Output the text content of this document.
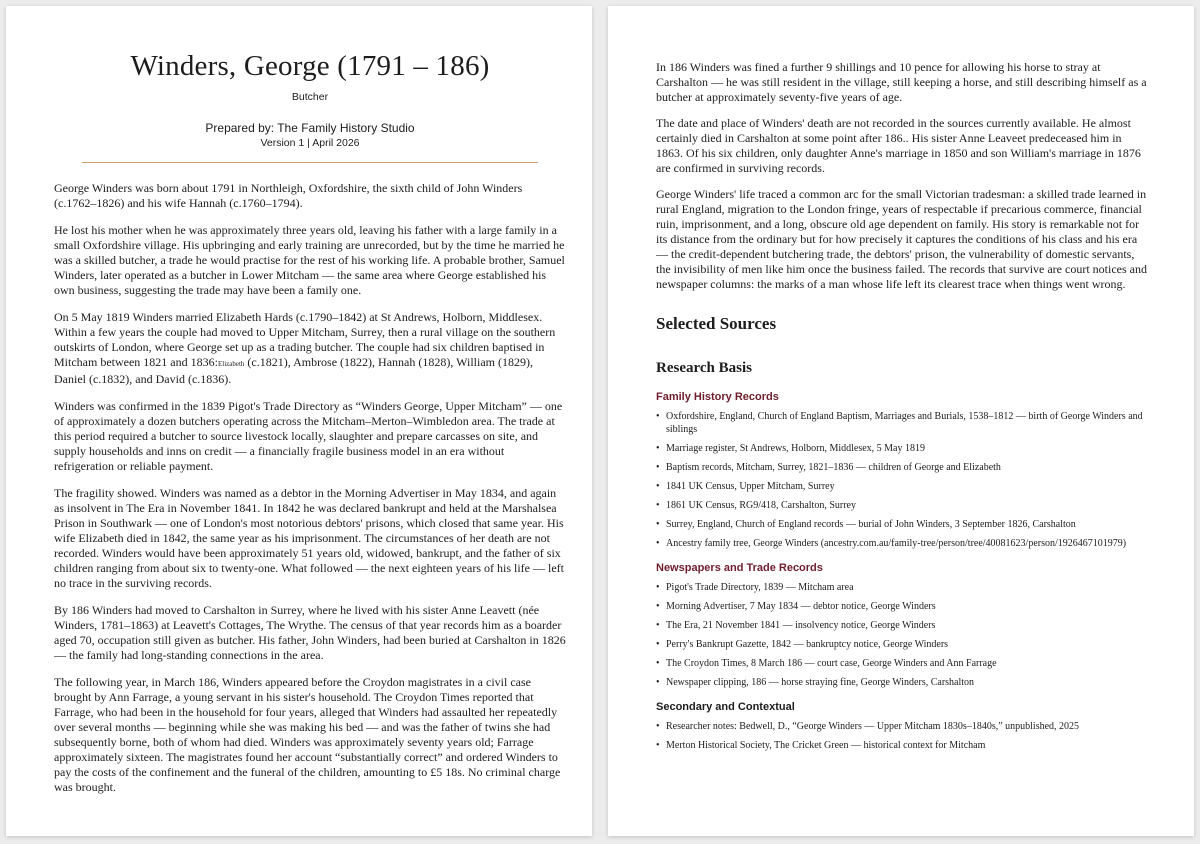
Winders, George (1791 – 186)
Butcher
Prepared by: The Family History Studio
Version 1 | April 2026

George Winders was born about 1791 in Northleigh, Oxfordshire, the sixth child of John Winders (c.1762–1826) and his wife Hannah (c.1760–1794).

He lost his mother when he was approximately three years old, leaving his father with a large family in a small Oxfordshire village. His upbringing and early training are unrecorded, but by the time he married he was a skilled butcher, a trade he would practise for the rest of his working life. A probable brother, Samuel Winders, later operated as a butcher in Lower Mitcham — the same area where George established his own business, suggesting the trade may have been a family one.

On 5 May 1819 Winders married Elizabeth Hards (c.1790–1842) at St Andrews, Holborn, Middlesex. Within a few years the couple had moved to Upper Mitcham, Surrey, then a rural village on the southern outskirts of London, where George set up as a trading butcher. The couple had six children baptised in Mitcham between 1821 and 1836:Elizabeth (c.1821), Ambrose (1822), Hannah (1828), William (1829), Daniel (c.1832), and David (c.1836).

Winders was confirmed in the 1839 Pigot's Trade Directory as “Winders George, Upper Mitcham” — one of approximately a dozen butchers operating across the Mitcham–Merton–Wimbledon area. The trade at this period required a butcher to source livestock locally, slaughter and prepare carcasses on site, and supply households and inns on credit — a financially fragile business model in an era without refrigeration or reliable payment.

The fragility showed. Winders was named as a debtor in the Morning Advertiser in May 1834, and again as insolvent in The Era in November 1841. In 1842 he was declared bankrupt and held at the Marshalsea Prison in Southwark — one of London's most notorious debtors' prisons, which closed that same year. His wife Elizabeth died in 1842, the same year as his imprisonment. The circumstances of her death are not recorded. Winders would have been approximately 51 years old, widowed, bankrupt, and the father of six children ranging from about six to twenty-one. What followed — the next eighteen years of his life — left no trace in the surviving records.

By 186 Winders had moved to Carshalton in Surrey, where he lived with his sister Anne Leavett (née Winders, 1781–1863) at Leavett's Cottages, The Wrythe. The census of that year records him as a boarder aged 70, occupation still given as butcher. His father, John Winders, had been buried at Carshalton in 1826 — the family had long-standing connections in the area.

The following year, in March 186, Winders appeared before the Croydon magistrates in a civil case brought by Ann Farrage, a young servant in his sister's household. The Croydon Times reported that Farrage, who had been in the household for four years, alleged that Winders had assaulted her repeatedly over several months — beginning while she was making his bed — and was the father of twins she had subsequently borne, both of whom had died. Winders was approximately seventy years old; Farrage approximately sixteen. The magistrates found her account “substantially correct” and ordered Winders to pay the costs of the confinement and the funeral of the children, amounting to £5 18s. No criminal charge was brought.

In 186 Winders was fined a further 9 shillings and 10 pence for allowing his horse to stray at Carshalton — he was still resident in the village, still keeping a horse, and still describing himself as a butcher at approximately seventy-five years of age.

The date and place of Winders' death are not recorded in the sources currently available. He almost certainly died in Carshalton at some point after 186.. His sister Anne Leaveet predeceased him in 1863. Of his six children, only daughter Anne's marriage in 1850 and son William's marriage in 1876 are confirmed in surviving records.

George Winders' life traced a common arc for the small Victorian tradesman: a skilled trade learned in rural England, migration to the London fringe, years of respectable if precarious commerce, financial ruin, imprisonment, and a long, obscure old age dependent on family. His story is remarkable not for its distance from the ordinary but for how precisely it captures the conditions of his class and his era — the credit-dependent butchering trade, the debtors' prison, the vulnerability of domestic servants, the invisibility of men like him once the business failed. The records that survive are court notices and newspaper columns: the marks of a man whose life left its clearest trace when things went wrong.

Selected Sources
Research Basis
Family History Records
• Oxfordshire, England, Church of England Baptism, Marriages and Burials, 1538–1812 — birth of George Winders and siblings
• Marriage register, St Andrews, Holborn, Middlesex, 5 May 1819
• Baptism records, Mitcham, Surrey, 1821–1836 — children of George and Elizabeth
• 1841 UK Census, Upper Mitcham, Surrey
• 1861 UK Census, RG9/418, Carshalton, Surrey
• Surrey, England, Church of England records — burial of John Winders, 3 September 1826, Carshalton
• Ancestry family tree, George Winders (ancestry.com.au/family-tree/person/tree/40081623/person/1926467101979)
Newspapers and Trade Records
• Pigot's Trade Directory, 1839 — Mitcham area
• Morning Advertiser, 7 May 1834 — debtor notice, George Winders
• The Era, 21 November 1841 — insolvency notice, George Winders
• Perry's Bankrupt Gazette, 1842 — bankruptcy notice, George Winders
• The Croydon Times, 8 March 186 — court case, George Winders and Ann Farrage
• Newspaper clipping, 186 — horse straying fine, George Winders, Carshalton
Secondary and Contextual
• Researcher notes: Bedwell, D., “George Winders — Upper Mitcham 1830s–1840s,” unpublished, 2025
• Merton Historical Society, The Cricket Green — historical context for Mitcham
